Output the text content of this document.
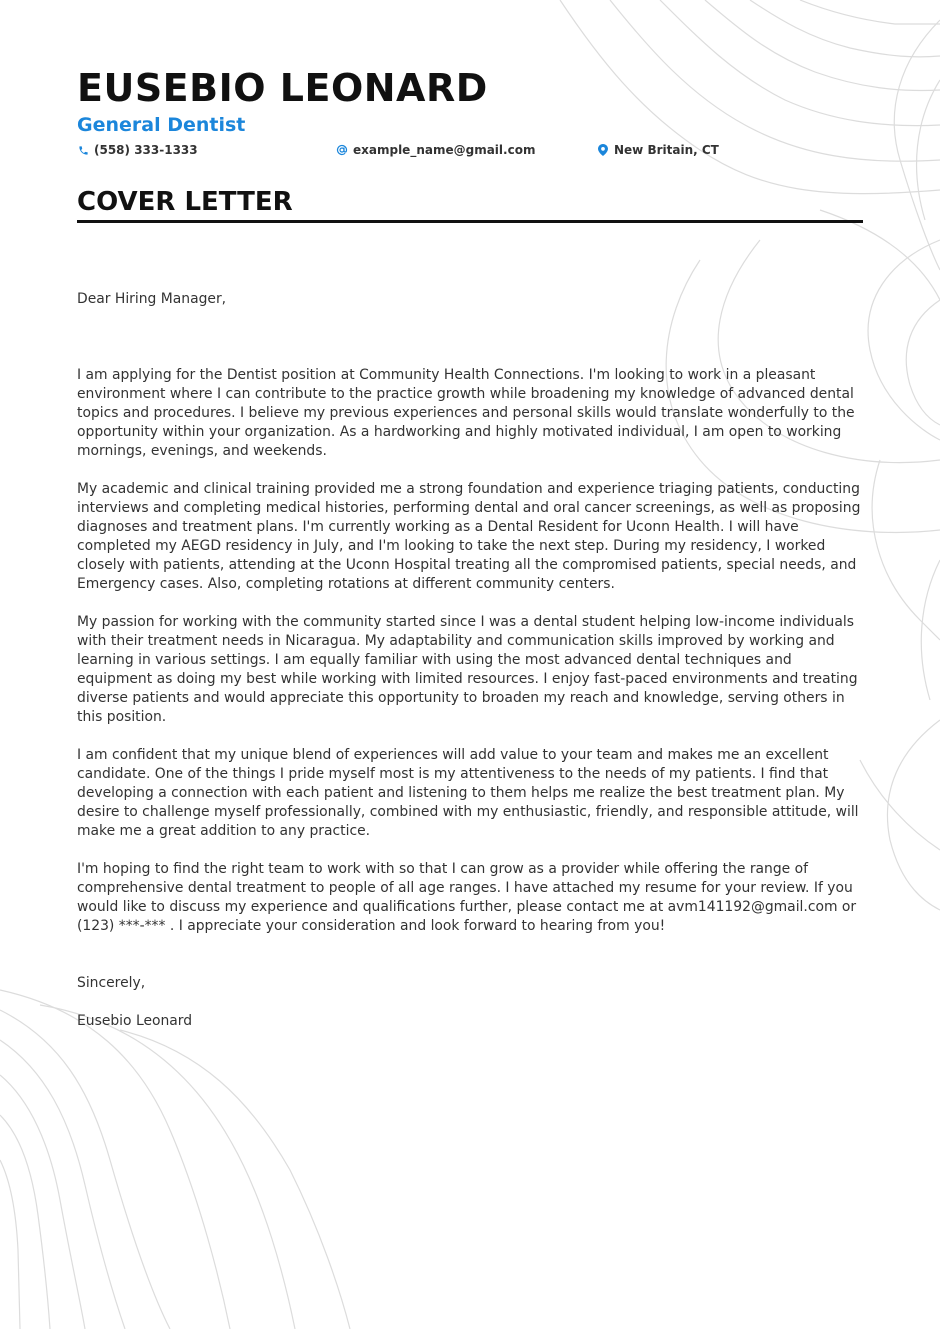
EUSEBIO LEONARD
General Dentist
(558) 333-1333	example_name@gmail.com	New Britain, CT
COVER LETTER

Dear Hiring Manager,

I am applying for the Dentist position at Community Health Connections. I'm looking to work in a pleasant environment where I can contribute to the practice growth while broadening my knowledge of advanced dental topics and procedures. I believe my previous experiences and personal skills would translate wonderfully to the opportunity within your organization. As a hardworking and highly motivated individual, I am open to working mornings, evenings, and weekends.

My academic and clinical training provided me a strong foundation and experience triaging patients, conducting interviews and completing medical histories, performing dental and oral cancer screenings, as well as proposing diagnoses and treatment plans. I'm currently working as a Dental Resident for Uconn Health. I will have completed my AEGD residency in July, and I'm looking to take the next step. During my residency, I worked closely with patients, attending at the Uconn Hospital treating all the compromised patients, special needs, and Emergency cases. Also, completing rotations at different community centers.

My passion for working with the community started since I was a dental student helping low-income individuals with their treatment needs in Nicaragua. My adaptability and communication skills improved by working and learning in various settings. I am equally familiar with using the most advanced dental techniques and equipment as doing my best while working with limited resources. I enjoy fast-paced environments and treating diverse patients and would appreciate this opportunity to broaden my reach and knowledge, serving others in this position.

I am confident that my unique blend of experiences will add value to your team and makes me an excellent candidate. One of the things I pride myself most is my attentiveness to the needs of my patients. I find that developing a connection with each patient and listening to them helps me realize the best treatment plan. My desire to challenge myself professionally, combined with my enthusiastic, friendly, and responsible attitude, will make me a great addition to any practice.

I'm hoping to find the right team to work with so that I can grow as a provider while offering the range of comprehensive dental treatment to people of all age ranges. I have attached my resume for your review. If you would like to discuss my experience and qualifications further, please contact me at avm141192@gmail.com or (123) ***-*** . I appreciate your consideration and look forward to hearing from you!

Sincerely,

Eusebio Leonard
